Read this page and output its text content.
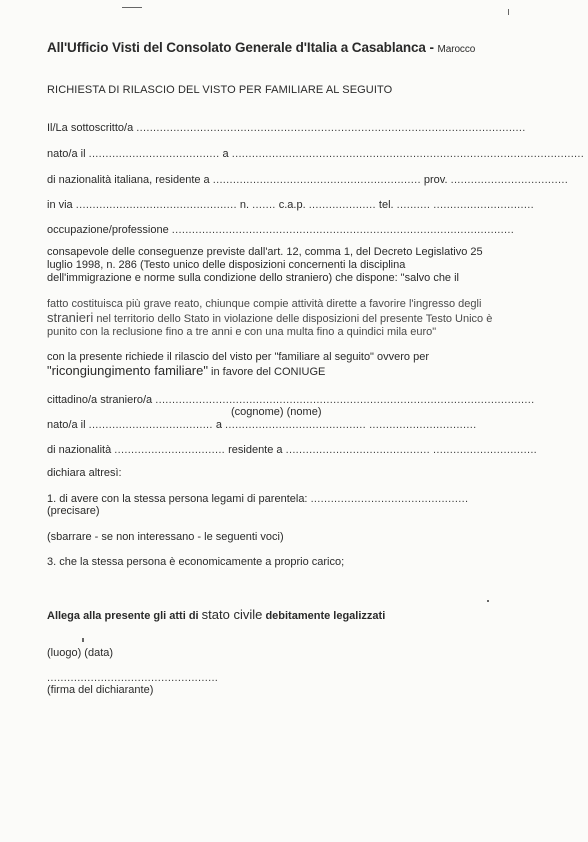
All'Ufficio Visti del Consolato Generale d'Italia a Casablanca - Marocco
RICHIESTA DI RILASCIO DEL VISTO PER FAMILIARE AL SEGUITO
Il/La sottoscritto/a ....................................................................................................................
nato/a il ....................................... a .........................................................................................................
di nazionalità italiana, residente a .............................................................. prov. ...................................
in via ................................................ n. ....... c.a.p. .................... tel. .......... ..............................
occupazione/professione ......................................................................................................
consapevole delle conseguenze previste dall'art. 12, comma 1, del Decreto Legislativo 25
luglio 1998, n. 286 (Testo unico delle disposizioni concernenti la disciplina
dell'immigrazione e norme sulla condizione dello straniero) che dispone: "salvo che il
fatto costituisca più grave reato, chiunque compie attività dirette a favorire l'ingresso degli
stranieri nel territorio dello Stato in violazione delle disposizioni del presente Testo Unico è
punito con la reclusione fino a tre anni e con una multa fino a quindici mila euro"
con la presente richiede il rilascio del visto per "familiare al seguito" ovvero per
"ricongiungimento familiare" in favore del CONIUGE
cittadino/a straniero/a .................................................................................................................
(cognome) (nome)
nato/a il ..................................... a .......................................... ................................
di nazionalità ................................. residente a ........................................... ...............................
dichiara altresì:
1. di avere con la stessa persona legami di parentela: ...............................................
(precisare)
(sbarrare - se non interessano - le seguenti voci)
3. che la stessa persona è economicamente a proprio carico;
Allega alla presente gli atti di stato civile debitamente legalizzati
(luogo) (data)
...................................................
(firma del dichiarante)
